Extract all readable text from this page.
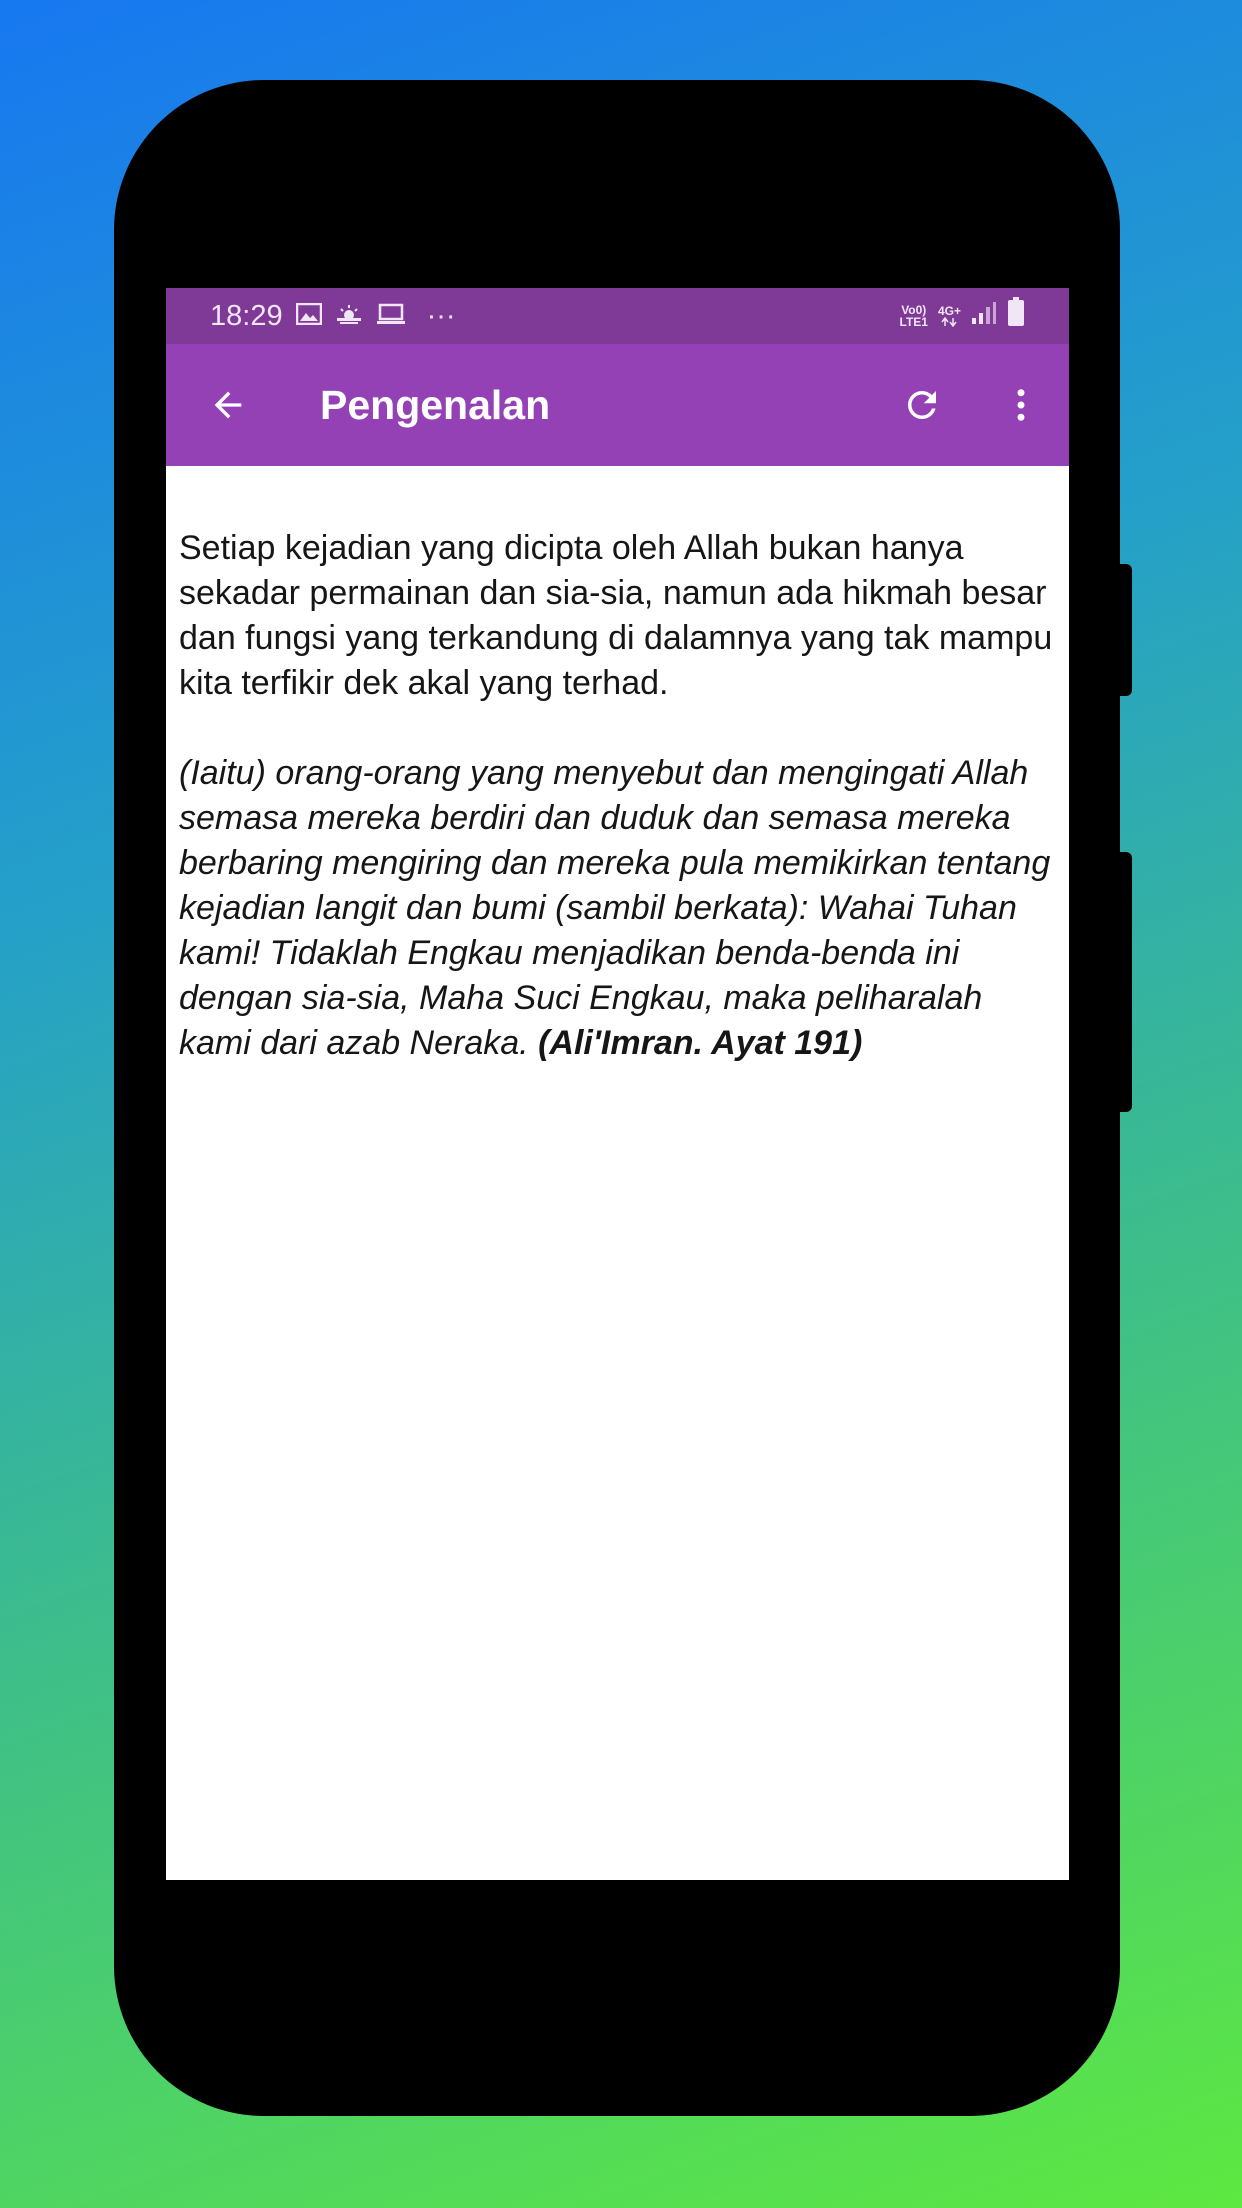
18:29	···	Vo0)
LTE1
4G+
Pengenalan

Setiap kejadian yang dicipta oleh Allah bukan hanya sekadar permainan dan sia-sia, namun ada hikmah besar dan fungsi yang terkandung di dalamnya yang tak mampu kita terfikir dek akal yang terhad.

(Iaitu) orang-orang yang menyebut dan mengingati Allah semasa mereka berdiri dan duduk dan semasa mereka berbaring mengiring dan mereka pula memikirkan tentang kejadian langit dan bumi (sambil berkata): Wahai Tuhan kami! Tidaklah Engkau menjadikan benda-benda ini dengan sia-sia, Maha Suci Engkau, maka peliharalah kami dari azab Neraka. (Ali'Imran. Ayat 191)
